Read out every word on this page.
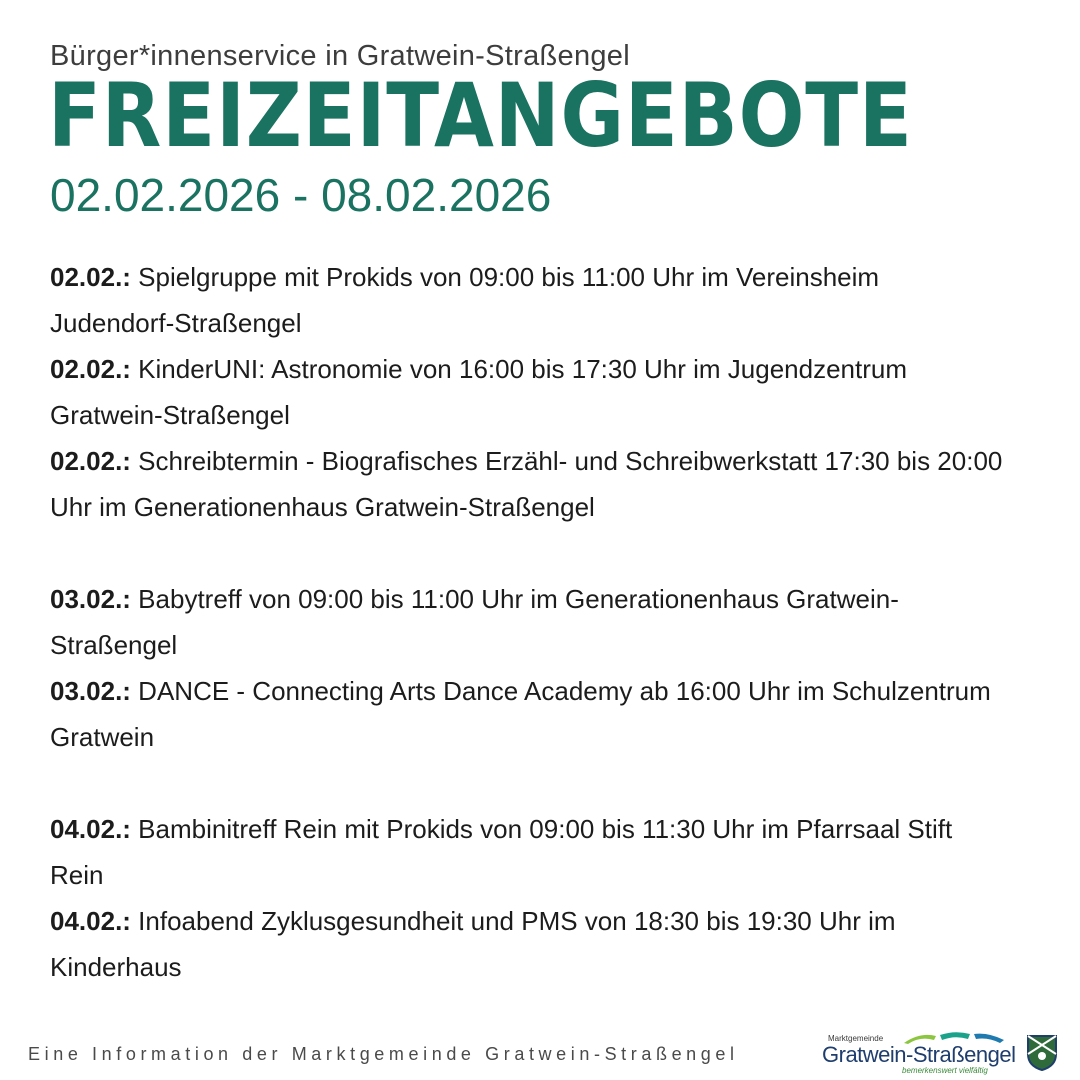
Bürger*innenservice in Gratwein-Straßengel
FREIZEITANGEBOTE
02.02.2026 - 08.02.2026

02.02.: Spielgruppe mit Prokids von 09:00 bis 11:00 Uhr im Vereinsheim Judendorf-Straßengel

02.02.: KinderUNI: Astronomie von 16:00 bis 17:30 Uhr im Jugendzentrum Gratwein-Straßengel

02.02.: Schreibtermin - Biografisches Erzähl- und Schreibwerkstatt 17:30 bis 20:00 Uhr im Generationenhaus Gratwein-Straßengel

03.02.: Babytreff von 09:00 bis 11:00 Uhr im Generationenhaus Gratwein-Straßengel

03.02.: DANCE - Connecting Arts Dance Academy ab 16:00 Uhr im Schulzentrum Gratwein

04.02.: Bambinitreff Rein mit Prokids von 09:00 bis 11:30 Uhr im Pfarrsaal Stift Rein

04.02.: Infoabend Zyklusgesundheit und PMS von 18:30 bis 19:30 Uhr im Kinderhaus

Eine Information der Marktgemeinde Gratwein-Straßengel
Marktgemeinde
Gratwein-Straßengel
bemerkenswert vielfältig
